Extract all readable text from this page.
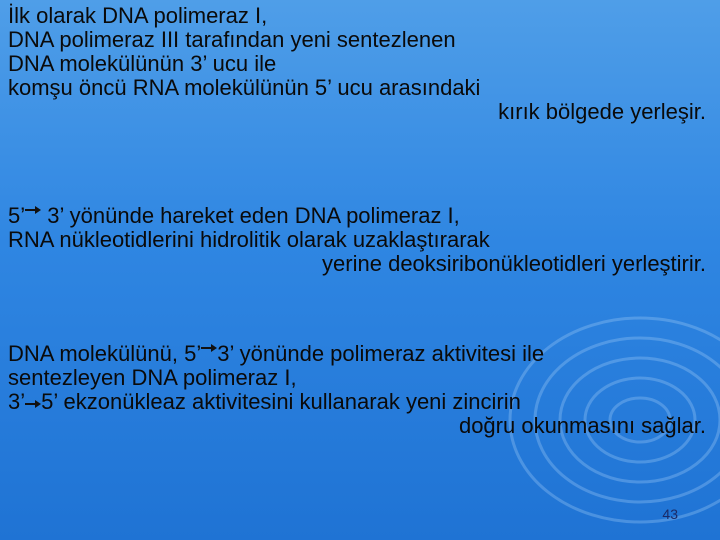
İlk olarak DNA polimeraz I,
DNA polimeraz III tarafından yeni sentezlenen
DNA molekülünün 3’ ucu ile
komşu öncü RNA molekülünün 5’ ucu arasındaki
kırık bölgede yerleşir.
5’
3’ yönünde hareket eden DNA polimeraz I,
RNA nükleotidlerini hidrolitik olarak uzaklaştırarak
yerine deoksiribonükleotidleri yerleştirir.
DNA molekülünü, 5’ 3’ yönünde polimeraz aktivitesi ile
sentezleyen DNA polimeraz I,
3’ 5’ ekzonükleaz aktivitesini kullanarak yeni zincirin
doğru okunmasını sağlar.
43
